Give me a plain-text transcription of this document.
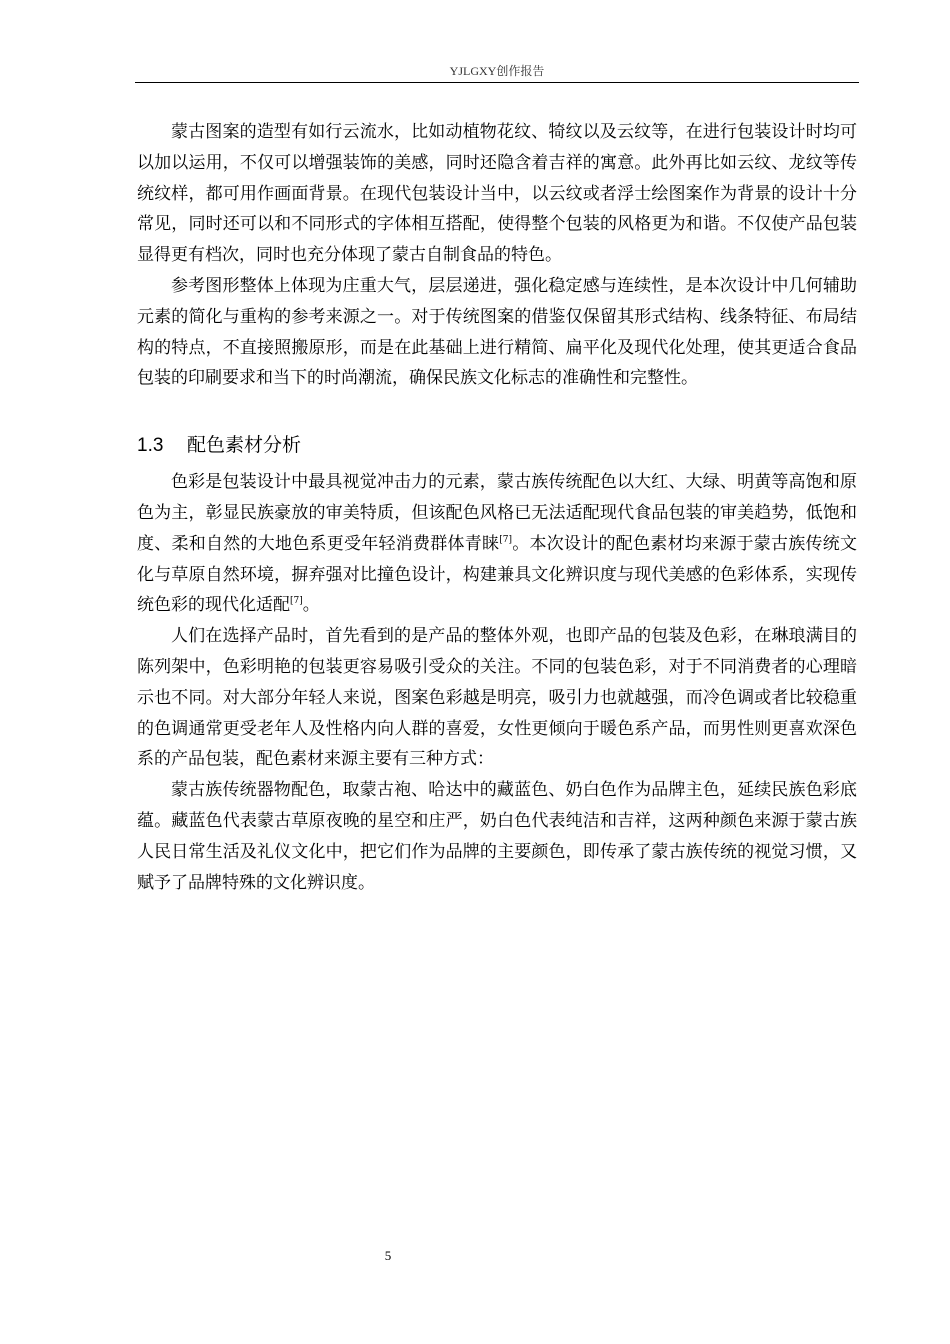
YJLGXY创作报告

蒙古图案的造型有如行云流水，比如动植物花纹、犄纹以及云纹等，在进行包装设计时均可以加以运用，不仅可以增强装饰的美感，同时还隐含着吉祥的寓意。此外再比如云纹、龙纹等传统纹样，都可用作画面背景。在现代包装设计当中，以云纹或者浮士绘图案作为背景的设计十分常见，同时还可以和不同形式的字体相互搭配，使得整个包装的风格更为和谐。不仅使产品包装显得更有档次，同时也充分体现了蒙古自制食品的特色。

参考图形整体上体现为庄重大气，层层递进，强化稳定感与连续性，是本次设计中几何辅助元素的简化与重构的参考来源之一。对于传统图案的借鉴仅保留其形式结构、线条特征、布局结构的特点，不直接照搬原形，而是在此基础上进行精简、扁平化及现代化处理，使其更适合食品包装的印刷要求和当下的时尚潮流，确保民族文化标志的准确性和完整性。

1.3 配色素材分析

色彩是包装设计中最具视觉冲击力的元素，蒙古族传统配色以大红、大绿、明黄等高饱和原色为主，彰显民族豪放的审美特质，但该配色风格已无法适配现代食品包装的审美趋势，低饱和度、柔和自然的大地色系更受年轻消费群体青睐[7]。本次设计的配色素材均来源于蒙古族传统文化与草原自然环境，摒弃强对比撞色设计，构建兼具文化辨识度与现代美感的色彩体系，实现传统色彩的现代化适配[7]。

人们在选择产品时，首先看到的是产品的整体外观，也即产品的包装及色彩，在琳琅满目的陈列架中，色彩明艳的包装更容易吸引受众的关注。不同的包装色彩，对于不同消费者的心理暗示也不同。对大部分年轻人来说，图案色彩越是明亮，吸引力也就越强，而冷色调或者比较稳重的色调通常更受老年人及性格内向人群的喜爱，女性更倾向于暖色系产品，而男性则更喜欢深色系的产品包装，配色素材来源主要有三种方式：

蒙古族传统器物配色，取蒙古袍、哈达中的藏蓝色、奶白色作为品牌主色，延续民族色彩底蕴。藏蓝色代表蒙古草原夜晚的星空和庄严，奶白色代表纯洁和吉祥，这两种颜色来源于蒙古族人民日常生活及礼仪文化中，把它们作为品牌的主要颜色，即传承了蒙古族传统的视觉习惯，又赋予了品牌特殊的文化辨识度。

5
